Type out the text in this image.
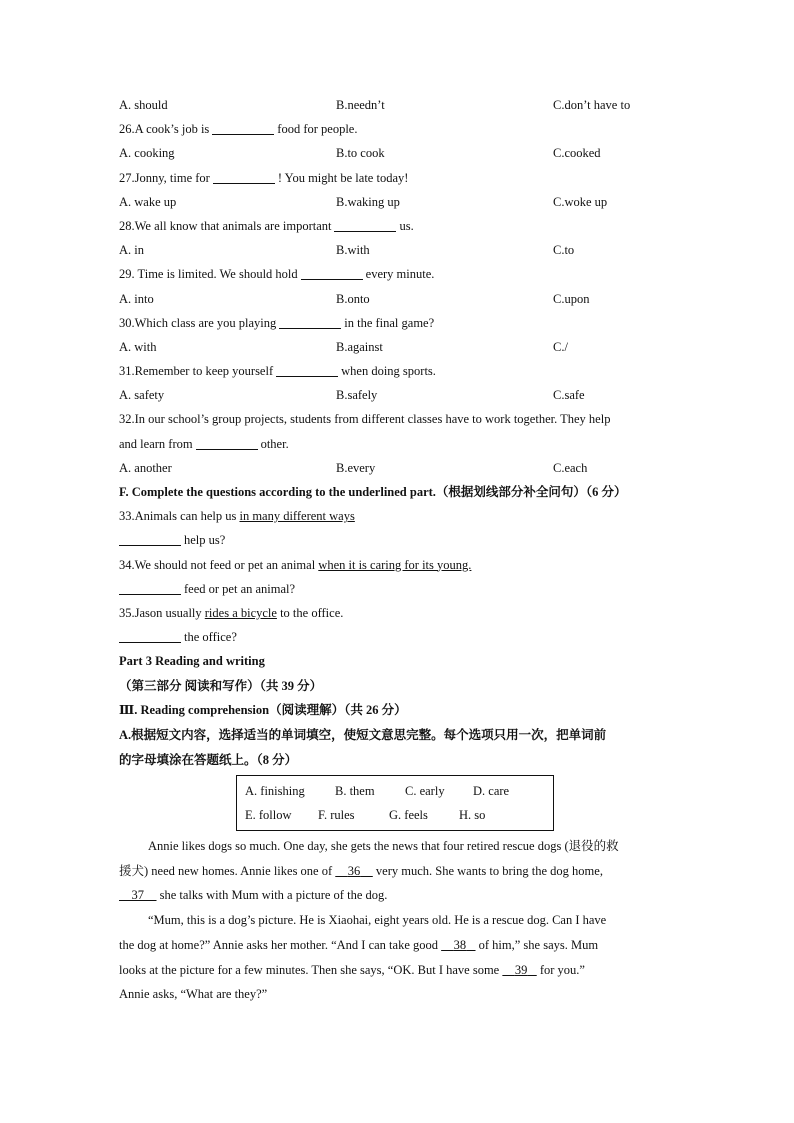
A. should	B.needn’t	C.don’t have to
26.A cook’s job is	food for people.
A. cooking	B.to cook	C.cooked
27.Jonny, time for	! You might be late today!
A. wake up	B.waking up	C.woke up
28.We all know that animals are important	us.
A. in	B.with	C.to
29. Time is limited. We should hold	every minute.
A. into	B.onto	C.upon
30.Which class are you playing	in the final game?
A. with	B.against	C./
31.Remember to keep yourself	when doing sports.
A. safety	B.safely	C.safe
32.In our school’s group projects, students from different classes have to work together. They help
and learn from	other.
A. another	B.every	C.each
F. Complete the questions according to the underlined part.（根据划线部分补全问句）（6 分）
33.Animals can help us in many different ways
help us?
34.We should not feed or pet an animal when it is caring for its young.
feed or pet an animal?
35.Jason usually rides a bicycle to the office.
the office?
Part 3 Reading and writing
（第三部分 阅读和写作）（共 39 分）
Ⅲ. Reading comprehension（阅读理解）（共 26 分）
A.根据短文内容，选择适当的单词填空，使短文意思完整。每个选项只用一次，把单词前
的字母填涂在答题纸上。（8 分）
A. finishing B. them C. early D. care
E. follow F. rules	G. feels H. so
Annie likes dogs so much. One day, she gets the news that four retired rescue dogs (退役的救
援犬) need new homes. Annie likes one of 36 very much. She wants to bring the dog home,
37 she talks with Mum with a picture of the dog.
“Mum, this is a dog’s picture. He is Xiaohai, eight years old. He is a rescue dog. Can I have
the dog at home?” Annie asks her mother. “And I can take good 38 of him,” she says. Mum
looks at the picture for a few minutes. Then she says, “OK. But I have some 39 for you.”
Annie asks, “What are they?”
